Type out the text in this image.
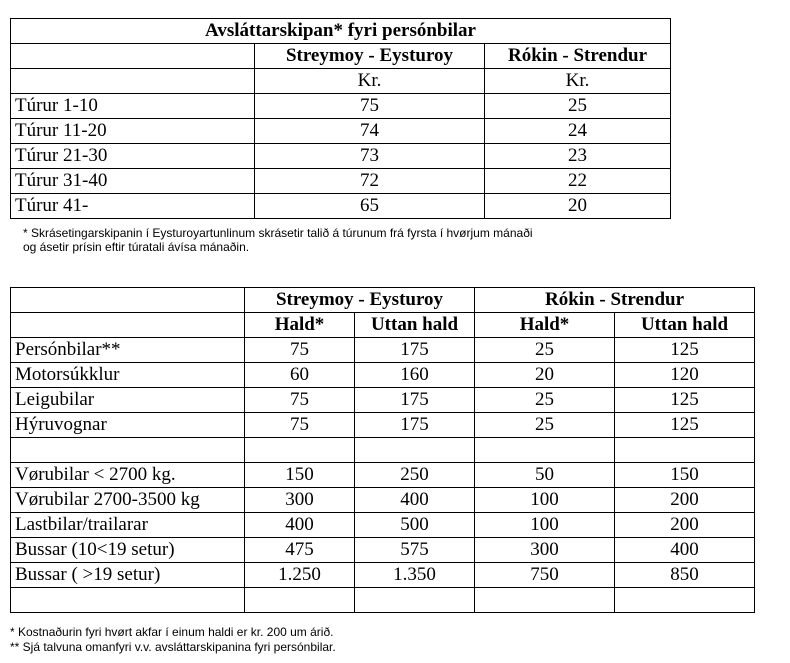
Avsláttarskipan* fyri persónbilar		
	Streymoy - Eysturoy	Rókin - Strendur
	Kr.	Kr.
Túrur 1-10	75	25
Túrur 11-20	74	24
Túrur 21-30	73	23
Túrur 31-40	72	22
Túrur 41-	65	20
* Skrásetingarskipanin í Eysturoyartunlinum skrásetir talið á túrunum frá fyrsta í hvørjum mánaði
og ásetir prísin eftir túratali ávísa mánaðin.
	Streymoy - Eysturoy		Rókin - Strendur	
	Hald*	Uttan hald	Hald*	Uttan hald
Persónbilar**	75	175	25	125
Motorsúkklur	60	160	20	120
Leigubilar	75	175	25	125
Hýruvognar	75	175	25	125

Vørubilar < 2700 kg.	150	250	50	150
Vørubilar 2700-3500 kg	300	400	100	200
Lastbilar/trailarar	400	500	100	200
Bussar (10<19 setur)	475	575	300	400
Bussar ( >19 setur)	1.250	1.350	750	850

* Kostnaðurin fyri hvørt akfar í einum haldi er kr. 200 um árið.
** Sjá talvuna omanfyri v.v. avsláttarskipanina fyri persónbilar.
